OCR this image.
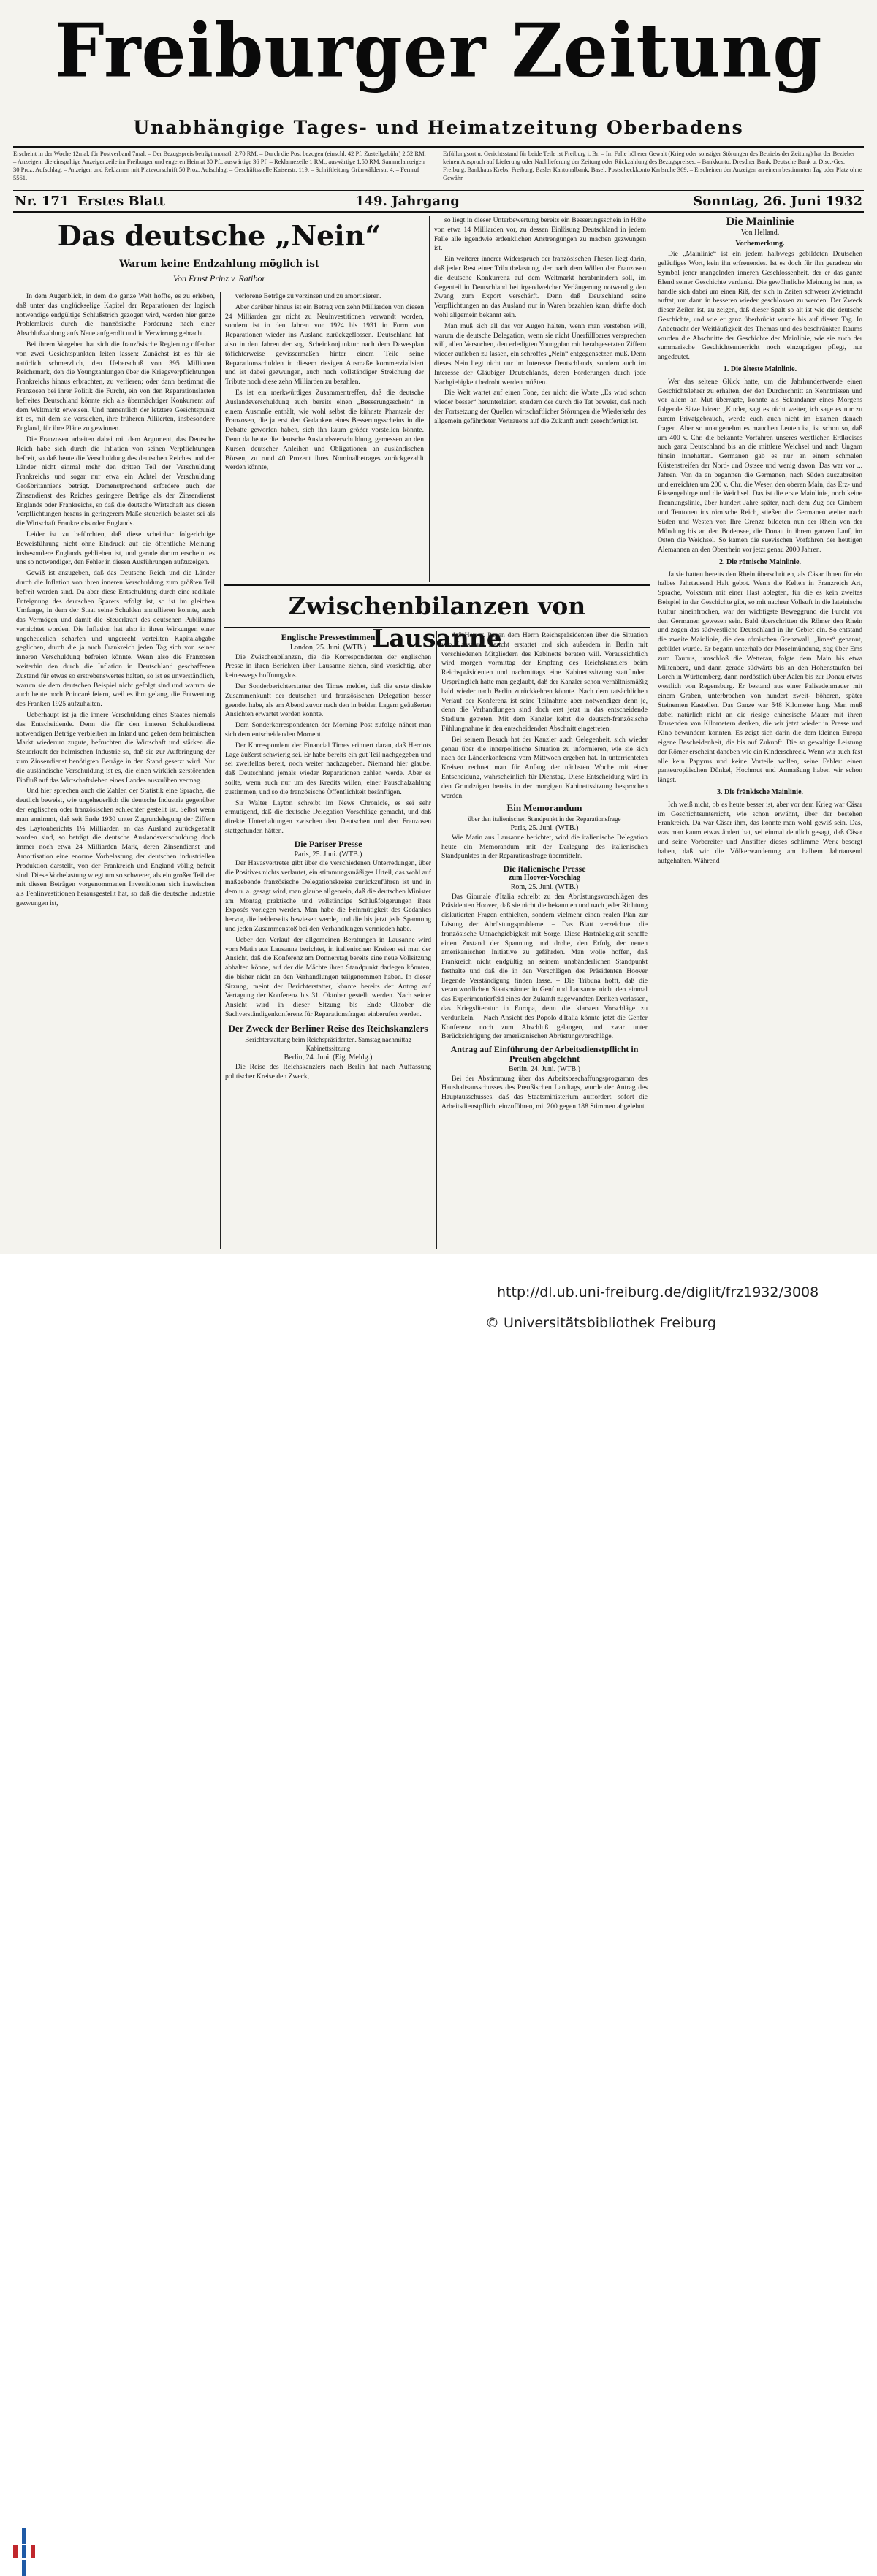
Freiburger Zeitung
Unabhängige Tages- und Heimatzeitung Oberbadens
Erscheint in der Woche 12mal, für Postverband 7mal. – Der Bezugspreis beträgt monatl. 2.70 RM. – Durch die Post bezogen (einschl. 42 Pf. Zustellgebühr) 2.52 RM. – Anzeigen: die einspaltige Anzeigenzeile im Freiburger und engeren Heimat 30 Pf., auswärtige 36 Pf. – Reklamezeile 1 RM., auswärtige 1.50 RM. Sammelanzeigen 30 Proz. Aufschlag. – Anzeigen und Reklamen mit Platzvorschrift 50 Proz. Aufschlag. – Geschäftsstelle Kaiserstr. 119. – Schriftleitung Grünwälderstr. 4. – Fernruf 5561.
Erfüllungsort u. Gerichtsstand für beide Teile ist Freiburg i. Br. – Im Falle höherer Gewalt (Krieg oder sonstiger Störungen des Betriebs der Zeitung) hat der Bezieher keinen Anspruch auf Lieferung oder Nachlieferung der Zeitung oder Rückzahlung des Bezugspreises. – Bankkonto: Dresdner Bank, Deutsche Bank u. Disc.-Ges. Freiburg, Bankhaus Krebs, Freiburg, Basler Kantonalbank, Basel. Postscheckkonto Karlsruhe 369. – Erscheinen der Anzeigen an einem bestimmten Tag oder Platz ohne Gewähr.
Nr. 171 Erstes Blatt	149. Jahrgang	Sonntag, 26. Juni 1932
Das deutsche „Nein“
Warum keine Endzahlung möglich ist
Von Ernst Prinz v. Ratibor

In dem Augenblick, in dem die ganze Welt hoffte, es zu erleben, daß unter das unglückselige Kapitel der Reparationen der logisch notwendige endgültige Schlußstrich gezogen wird, werden hier ganze Problemkreis durch die französische Forderung nach einer Abschlußzahlung aufs Neue aufgerollt und in Verwirrung gebracht.

Bei ihrem Vorgehen hat sich die französische Regierung offenbar von zwei Gesichtspunkten leiten lassen: Zunächst ist es für sie natürlich schmerzlich, den Ueberschuß von 395 Millionen Reichsmark, den die Youngzahlungen über die Kriegsverpflichtungen Frankreichs hinaus erbrachten, zu verlieren; oder dann bestimmt die Franzosen bei ihrer Politik die Furcht, ein von den Reparationslasten befreites Deutschland könnte sich als übermächtiger Konkurrent auf dem Weltmarkt erweisen. Und namentlich der letztere Gesichtspunkt ist es, mit dem sie versuchen, ihre früheren Alliierten, insbesondere England, für ihre Pläne zu gewinnen.

Die Franzosen arbeiten dabei mit dem Argument, das Deutsche Reich habe sich durch die Inflation von seinen Verpflichtungen befreit, so daß heute die Verschuldung des deutschen Reiches und der Länder nicht einmal mehr den dritten Teil der Verschuldung Frankreichs und sogar nur etwa ein Achtel der Verschuldung Großbritanniens beträgt. Demenstprechend erfordere auch der Zinsendienst des Reiches geringere Beträge als der Zinsendienst Englands oder Frankreichs, so daß die deutsche Wirtschaft aus diesen Verpflichtungen heraus in geringerem Maße steuerlich belastet sei als die Wirtschaft Frankreichs oder Englands.

Leider ist zu befürchten, daß diese scheinbar folgerichtige Beweisführung nicht ohne Eindruck auf die öffentliche Meinung insbesondere Englands geblieben ist, und gerade darum erscheint es uns so notwendiger, den Fehler in diesen Ausführungen aufzuzeigen.

Gewiß ist anzugeben, daß das Deutsche Reich und die Länder durch die Inflation von ihren inneren Verschuldung zum größten Teil befreit worden sind. Da aber diese Entschuldung durch eine radikale Enteignung des deutschen Sparers erfolgt ist, so ist im gleichen Umfange, in dem der Staat seine Schulden annullieren konnte, auch das Vermögen und damit die Steuerkraft des deutschen Publikums vernichtet worden. Die Inflation hat also in ihren Wirkungen einer ungeheuerlich scharfen und ungerecht verteilten Kapitalabgabe geglichen, durch die ja auch Frankreich jeden Tag sich von seiner inneren Verschuldung befreien könnte. Wenn also die Franzosen weiterhin den durch die Inflation in Deutschland geschaffenen Zustand für etwas so erstrebenswertes halten, so ist es unverständlich, warum sie dem deutschen Beispiel nicht gefolgt sind und warum sie auch heute noch Poincaré feiern, weil es ihm gelang, die Entwertung des Franken 1925 aufzuhalten.

Ueberhaupt ist ja die innere Verschuldung eines Staates niemals das Entscheidende. Denn die für den inneren Schuldendienst notwendigen Beträge verbleiben im Inland und gehen dem heimischen Markt wiederum zugute, befruchten die Wirtschaft und stärken die Steuerkraft der heimischen Industrie so, daß sie zur Aufbringung der zum Zinsendienst benötigten Beträge in den Stand gesetzt wird. Nur die ausländische Verschuldung ist es, die einen wirklich zerstörenden Einfluß auf das Wirtschaftsleben eines Landes auszuüben vermag.

Und hier sprechen auch die Zahlen der Statistik eine Sprache, die deutlich beweist, wie ungeheuerlich die deutsche Industrie gegenüber der englischen oder französischen schlechter gestellt ist. Selbst wenn man annimmt, daß seit Ende 1930 unter Zugrundelegung der Ziffern des Laytonberichts 1¼ Milliarden an das Ausland zurückgezahlt worden sind, so beträgt die deutsche Auslandsverschuldung doch immer noch etwa 24 Milliarden Mark, deren Zinsendienst und Amortisation eine enorme Vorbelastung der deutschen industriellen Produktion darstellt, von der Frankreich und England völlig befreit sind. Diese Vorbelastung wiegt um so schwerer, als ein großer Teil der mit diesen Beträgen vorgenommenen Investitionen sich inzwischen als Fehlinvestitionen herausgestellt hat, so daß die deutsche Industrie gezwungen ist,

verlorene Beträge zu verzinsen und zu amortisieren.

Aber darüber hinaus ist ein Betrag von zehn Milliarden von diesen 24 Milliarden gar nicht zu Neuinvestitionen verwandt worden, sondern ist in den Jahren von 1924 bis 1931 in Form von Reparationen wieder ins Ausland zurückgeflossen. Deutschland hat also in den Jahren der sog. Scheinkonjunktur nach dem Dawesplan töfichterweise gewissermaßen hinter einem Teile seine Reparationsschulden in diesem riesigen Ausmaße kommerzialisiert und ist dabei gezwungen, auch nach vollständiger Streichung der Tribute noch diese zehn Milliarden zu bezahlen.

Es ist ein merkwürdiges Zusammentreffen, daß die deutsche Auslandsverschuldung auch bereits einen „Besserungsschein“ in einem Ausmaße enthält, wie wohl selbst die kühnste Phantasie der Franzosen, die ja erst den Gedanken eines Besserungsscheins in die Debatte geworfen haben, sich ihn kaum größer vorstellen könnte. Denn da heute die deutsche Auslandsverschuldung, gemessen an den Kursen deutscher Anleihen und Obligationen an ausländischen Börsen, zu rund 40 Prozent ihres Nominalbetrages zurückgezahlt werden könnte,

so liegt in dieser Unterbewertung bereits ein Besserungsschein in Höhe von etwa 14 Milliarden vor, zu dessen Einlösung Deutschland in jedem Falle alle irgendwie erdenklichen Anstrengungen zu machen gezwungen ist.

Ein weiterer innerer Widerspruch der französischen Thesen liegt darin, daß jeder Rest einer Tributbelastung, der nach dem Willen der Franzosen die deutsche Konkurrenz auf dem Weltmarkt herabmindern soll, im Gegenteil in Deutschland bei irgendwelcher Verlängerung notwendig den Zwang zum Export verschärft. Denn daß Deutschland seine Verpflichtungen an das Ausland nur in Waren bezahlen kann, dürfte doch wohl allgemein bekannt sein.

Man muß sich all das vor Augen halten, wenn man verstehen will, warum die deutsche Delegation, wenn sie nicht Unerfüllbares versprechen will, allen Versuchen, den erledigten Youngplan mit herabgesetzten Ziffern wieder aufleben zu lassen, ein schroffes „Nein“ entgegensetzen muß. Denn dieses Nein liegt nicht nur im Interesse Deutschlands, sondern auch im Interesse der Gläubiger Deutschlands, deren Forderungen durch jede Nachgiebigkeit bedroht werden müßten.

Die Welt wartet auf einen Tone, der nicht die Worte „Es wird schon wieder besser“ herunterleiert, sondern der durch die Tat beweist, daß nach der Fortsetzung der Quellen wirtschaftlicher Störungen die Wiederkehr des allgemein gefährdeten Vertrauens auf die Zukunft auch gerechtfertigt ist.

Zwischenbilanzen von Lausanne
Englische Pressestimmen
London, 25. Juni. (WTB.)

Die Zwischenbilanzen, die die Korrespondenten der englischen Presse in ihren Berichten über Lausanne ziehen, sind vorsichtig, aber keineswegs hoffnungslos.

Der Sonderberichterstatter des Times meldet, daß die erste direkte Zusammenkunft der deutschen und französischen Delegation besser geendet habe, als am Abend zuvor nach den in beiden Lagern geäußerten Ansichten erwartet werden konnte.

Dem Sonderkorrespondenten der Morning Post zufolge nähert man sich dem entscheidenden Moment.

Der Korrespondent der Financial Times erinnert daran, daß Herriots Lage äußerst schwierig sei. Er habe bereits ein gut Teil nachgegeben und sei zweifellos bereit, noch weiter nachzugeben. Niemand hier glaube, daß Deutschland jemals wieder Reparationen zahlen werde. Aber es sollte, wenn auch nur um des Kredits willen, einer Pauschalzahlung zustimmen, und so die französische Öffentlichkeit besänftigen.

Sir Walter Layton schreibt im News Chronicle, es sei sehr ermutigend, daß die deutsche Delegation Vorschläge gemacht, und daß direkte Unterhaltungen zwischen den Deutschen und den Franzosen stattgefunden hätten.

Die Pariser Presse
Paris, 25. Juni. (WTB.)

Der Havasvertreter gibt über die verschiedenen Unterredungen, über die Positives nichts verlautet, ein stimmungsmäßiges Urteil, das wohl auf maßgebende französische Delegationskreise zurückzuführen ist und in dem u. a. gesagt wird, man glaube allgemein, daß die deutschen Minister am Montag praktische und vollständige Schlußfolgerungen ihres Exposés vorlegen werden. Man habe die Feinmütigkeit des Gedankes hervor, die beiderseits bewiesen werde, und die bis jetzt jede Spannung und jeden Zusammenstoß bei den Verhandlungen vermieden habe.

Ueber den Verlauf der allgemeinen Beratungen in Lausanne wird vom Matin aus Lausanne berichtet, in italienischen Kreisen sei man der Ansicht, daß die Konferenz am Donnerstag bereits eine neue Vollsitzung abhalten könne, auf der die Mächte ihren Standpunkt darlegen könnten, die bisher nicht an den Verhandlungen teilgenommen haben. In dieser Sitzung, meint der Berichterstatter, könnte bereits der Antrag auf Vertagung der Konferenz bis 31. Oktober gestellt werden. Nach seiner Ansicht wird in dieser Sitzung bis Ende Oktober die Sachverständigenkonferenz für Reparationsfragen einberufen werden.

Der Zweck der Berliner Reise des Reichskanzlers
Berichterstattung beim Reichspräsidenten. Samstag nachmittag Kabinettssitzung
Berlin, 24. Juni. (Eig. Meldg.)

Die Reise des Reichskanzlers nach Berlin hat nach Auffassung politischer Kreise den Zweck,

daß Herr v. Papen dem Herrn Reichspräsidenten über die Situation von Lausanne Bericht erstattet und sich außerdem in Berlin mit verschiedenen Mitgliedern des Kabinetts beraten will. Voraussichtlich wird morgen vormittag der Empfang des Reichskanzlers beim Reichspräsidenten und nachmittags eine Kabinettssitzung stattfinden. Ursprünglich hatte man geglaubt, daß der Kanzler schon verhältnismäßig bald wieder nach Berlin zurückkehren könnte. Nach dem tatsächlichen Verlauf der Konferenz ist seine Teilnahme aber notwendiger denn je, denn die Verhandlungen sind doch erst jetzt in das entscheidende Stadium getreten. Mit dem Kanzler kehrt die deutsch-französische Fühlungnahme in den entscheidenden Abschnitt eingetreten.

Bei seinem Besuch hat der Kanzler auch Gelegenheit, sich wieder genau über die innerpolitische Situation zu informieren, wie sie sich nach der Länderkonferenz vom Mittwoch ergeben hat. In unterrichteten Kreisen rechnet man für Anfang der nächsten Woche mit einer Entscheidung, wahrscheinlich für Dienstag. Diese Entscheidung wird in den Grundzügen bereits in der morgigen Kabinettssitzung besprochen werden.

Ein Memorandum
über den italienischen Standpunkt in der Reparationsfrage
Paris, 25. Juni. (WTB.)

Wie Matin aus Lausanne berichtet, wird die italienische Delegation heute ein Memorandum mit der Darlegung des italienischen Standpunktes in der Reparationsfrage übermitteln.

Die italienische Presse
zum Hoover-Vorschlag
Rom, 25. Juni. (WTB.)

Das Giornale d'Italia schreibt zu den Abrüstungsvorschlägen des Präsidenten Hoover, daß sie nicht die bekannten und nach jeder Richtung diskutierten Fragen enthielten, sondern vielmehr einen realen Plan zur Lösung der Abrüstungsprobleme. – Das Blatt verzeichnet die französische Unnachgiebigkeit mit Sorge. Diese Hartnäckigkeit schaffe einen Zustand der Spannung und drohe, den Erfolg der neuen amerikanischen Initiative zu gefährden. Man wolle hoffen, daß Frankreich nicht endgültig an seinem unabänderlichen Standpunkt festhalte und daß die in den Vorschlägen des Präsidenten Hoover liegende Verständigung finden lasse. – Die Tribuna hofft, daß die verantwortlichen Staatsmänner in Genf und Lausanne nicht den einmal das Experimentierfeld eines der Zukunft zugewandten Denken verlassen, das Kriegsliteratur in Europa, denn die klarsten Vorschläge zu verdunkeln. – Nach Ansicht des Popolo d'Italia könnte jetzt die Genfer Konferenz noch zum Abschluß gelangen, und zwar unter Berücksichtigung der amerikanischen Abrüstungsvorschläge.

Antrag auf Einführung der Arbeitsdienstpflicht in Preußen abgelehnt
Berlin, 24. Juni. (WTB.)

Bei der Abstimmung über das Arbeitsbeschaffungsprogramm des Haushaltsausschusses des Preußischen Landtags, wurde der Antrag des Hauptausschusses, daß das Staatsministerium auffordert, sofort die Arbeitsdienstpflicht einzuführen, mit 200 gegen 188 Stimmen abgelehnt.

Die Mainlinie
Von Helland.
Vorbemerkung.

Die „Mainlinie“ ist ein jedem halbwegs gebildeten Deutschen geläufiges Wort, kein ihn erfreuendes. Ist es doch für ihn geradezu ein Symbol jener mangelnden inneren Geschlossenheit, der er das ganze Elend seiner Geschichte verdankt. Die gewöhnliche Meinung ist nun, es handle sich dabei um einen Riß, der sich in Zeiten schwerer Zwietracht auftat, um dann in besseren wieder geschlossen zu werden. Der Zweck dieser Zeilen ist, zu zeigen, daß dieser Spalt so alt ist wie die deutsche Geschichte, und wie er ganz überbrückt wurde bis auf diesen Tag. In Anbetracht der Weitläufigkeit des Themas und des beschränkten Raums wurden die Abschnitte der Geschichte der Mainlinie, wie sie auch der summarische Geschichtsunterricht noch einzuprägen pflegt, nur angedeutet.

1. Die älteste Mainlinie.

Wer das seltene Glück hatte, um die Jahrhundertwende einen Geschichtslehrer zu erhalten, der den Durchschnitt an Kenntnissen und vor allem an Mut überragte, konnte als Sekundaner eines Morgens folgende Sätze hören: „Kinder, sagt es nicht weiter, ich sage es nur zu eurem Privatgebrauch, werde euch auch nicht im Examen danach fragen. Aber so unangenehm es manchen Leuten ist, ist schon so, daß um 400 v. Chr. die bekannte Vorfahren unseres westlichen Erdkreises auch ganz Deutschland bis an die mittlere Weichsel und nach Ungarn hinein innehatten. Germanen gab es nur an einem schmalen Küstenstreifen der Nord- und Ostsee und wenig davon. Das war vor ... Jahren. Von da an begannen die Germanen, nach Süden auszubreiten und erreichten um 200 v. Chr. die Weser, den oberen Main, das Erz- und Riesengebirge und die Weichsel. Das ist die erste Mainlinie, noch keine Trennungslinie, über hundert Jahre später, nach dem Zug der Cimbern und Teutonen ins römische Reich, stießen die Germanen weiter nach Süden und Westen vor. Ihre Grenze bildeten nun der Rhein von der Mündung bis an den Bodensee, die Donau in ihrem ganzen Lauf, im Osten die Weichsel. So kamen die suevischen Vorfahren der heutigen Alemannen an den Oberrhein vor jetzt genau 2000 Jahren.

2. Die römische Mainlinie.

Ja sie hatten bereits den Rhein überschritten, als Cäsar ihnen für ein halbes Jahrtausend Halt gebot. Wenn die Kelten in Franzreich Art, Sprache, Volkstum mit einer Hast ablegten, für die es kein zweites Beispiel in der Geschichte gibt, so mit nachrer Vollsuft in die lateinische Kultur hineinfrochen, war der wichtigste Beweggrund die Furcht vor den Germanen gewesen sein. Bald überschritten die Römer den Rhein und zogen das südwestliche Deutschland in ihr Gebiet ein. So entstand die zweite Mainlinie, die den römischen Grenzwall, „limes“ genannt, gebildet wurde. Er begann unterhalb der Moselmündung, zog über Ems zum Taunus, umschloß die Wetterau, folgte dem Main bis etwa Miltenberg, und dann gerade südwärts bis an den Hohenstaufen bei Lorch in Württemberg, dann nordöstlich über Aalen bis zur Donau etwas westlich von Regensburg. Er bestand aus einer Palisadenmauer mit einem Graben, unterbrochen von hundert zweit- höheren, später Steinernen Kastellen. Das Ganze war 548 Kilometer lang. Man muß dabei natürlich nicht an die riesige chinesische Mauer mit ihren Tausenden von Kilometern denken, die wir jetzt wieder in Presse und Kino bewundern konnten. Es zeigt sich darin die dem kleinen Europa eigene Bescheidenheit, die bis auf Zukunft. Die so gewaltige Leistung der Römer erscheint daneben wie ein Kinderschreck. Wenn wir auch fast alle kein Papyrus und keine Vorteile wollen, seine Fehler: einen panteuropäischen Dünkel, Hochmut und Anmaßung haben wir schon längst.

3. Die fränkische Mainlinie.

Ich weiß nicht, ob es heute besser ist, aber vor dem Krieg war Cäsar im Geschichtsunterricht, wie schon erwähnt, über der bestehen Frankreich. Da war Cäsar ihm, das konnte man wohl gewiß sein. Das, was man kaum etwas ändert hat, sei einmal deutlich gesagt, daß Cäsar und seine Vorbereiter und Anstifter dieses schlimme Werk besorgt haben, daß wir die Völkerwanderung am halbem Jahrtausend aufgehalten. Während

http://dl.ub.uni-freiburg.de/diglit/frz1932/3008
© Universitätsbibliothek Freiburg
